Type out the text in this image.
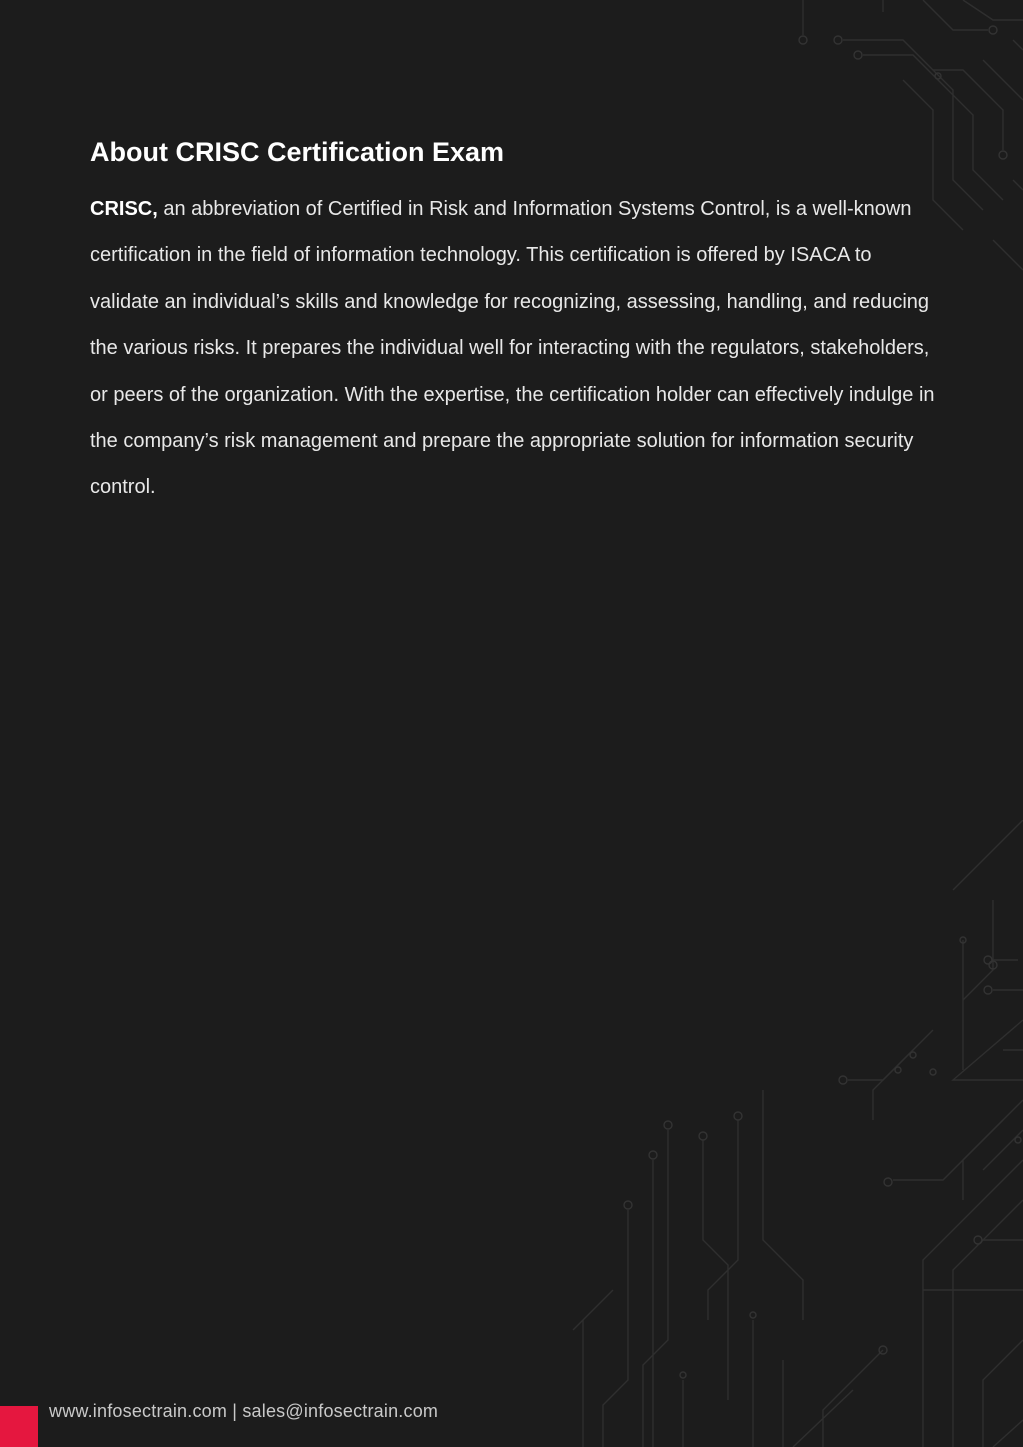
About CRISC Certification Exam

CRISC, an abbreviation of Certified in Risk and Information Systems Control, is a well-known certification in the field of information technology. This certification is offered by ISACA to validate an individual’s skills and knowledge for recognizing, assessing, handling, and reducing the various risks. It prepares the individual well for interacting with the regulators, stakeholders, or peers of the organization. With the expertise, the certification holder can effectively indulge in the company’s risk management and prepare the appropriate solution for information security control.

www.infosectrain.com | sales@infosectrain.com
